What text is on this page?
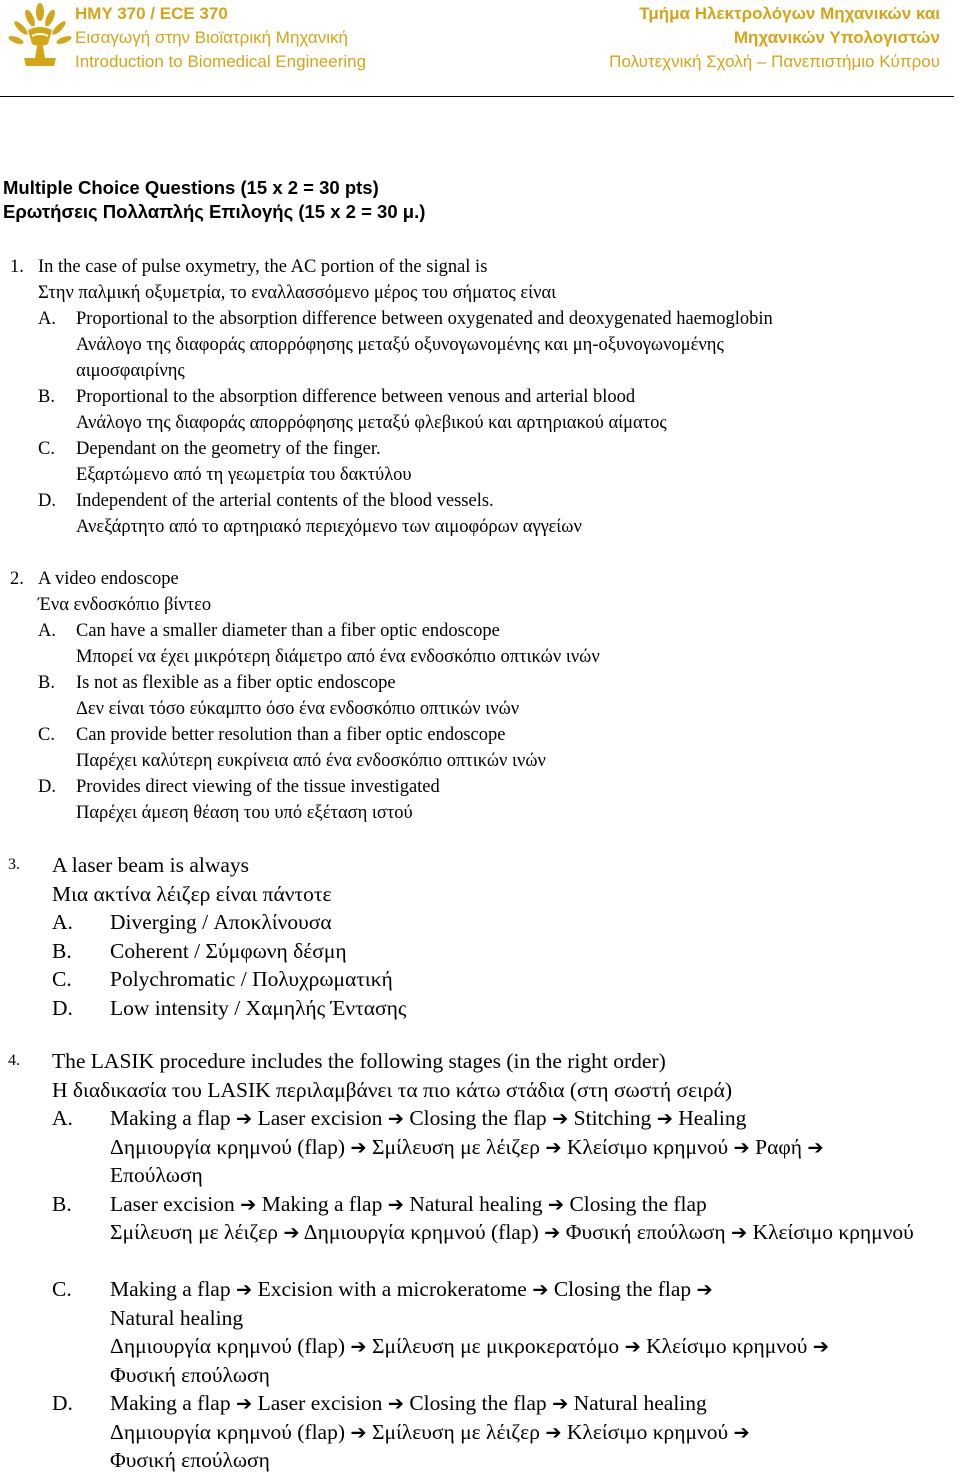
HMY 370 / ECE 370
Εισαγωγή στην Βιοϊατρική Μηχανική
Introduction to Biomedical Engineering
Τμήμα Ηλεκτρολόγων Μηχανικών και
Μηχανικών Υπολογιστών
Πολυτεχνική Σχολή – Πανεπιστήμιο Κύπρου
Multiple Choice Questions (15 x 2 = 30 pts)
Ερωτήσεις Πολλαπλής Επιλογής (15 x 2 = 30 μ.)
1. In the case of pulse oxymetry, the AC portion of the signal is
Στην παλμική οξυμετρία, το εναλλασσόμενο μέρος του σήματος είναι
A. Proportional to the absorption difference between oxygenated and deoxygenated haemoglobin
Ανάλογο της διαφοράς απορρόφησης μεταξύ οξυνογωνομένης και μη-οξυνογωνομένης
αιμοσφαιρίνης
B. Proportional to the absorption difference between venous and arterial blood
Ανάλογο της διαφοράς απορρόφησης μεταξύ φλεβικού και αρτηριακού αίματος
C. Dependant on the geometry of the finger.
Εξαρτώμενο από τη γεωμετρία του δακτύλου
D. Independent of the arterial contents of the blood vessels.
Ανεξάρτητο από το αρτηριακό περιεχόμενο των αιμοφόρων αγγείων
2. A video endoscope
Ένα ενδοσκόπιο βίντεο
A. Can have a smaller diameter than a fiber optic endoscope
Μπορεί να έχει μικρότερη διάμετρο από ένα ενδοσκόπιο οπτικών ινών
B. Is not as flexible as a fiber optic endoscope
Δεν είναι τόσο εύκαμπτο όσο ένα ενδοσκόπιο οπτικών ινών
C. Can provide better resolution than a fiber optic endoscope
Παρέχει καλύτερη ευκρίνεια από ένα ενδοσκόπιο οπτικών ινών
D. Provides direct viewing of the tissue investigated
Παρέχει άμεση θέαση του υπό εξέταση ιστού
3. A laser beam is always
Μια ακτίνα λέιζερ είναι πάντοτε
A. Diverging / Αποκλίνουσα
B. Coherent / Σύμφωνη δέσμη
C. Polychromatic / Πολυχρωματική
D. Low intensity / Χαμηλής Έντασης
4. The LASIK procedure includes the following stages (in the right order)
Η διαδικασία του LASIK περιλαμβάνει τα πιο κάτω στάδια (στη σωστή σειρά)
A. Making a flap ➔ Laser excision ➔ Closing the flap ➔ Stitching ➔ Healing
Δημιουργία κρημνού (flap) ➔ Σμίλευση με λέιζερ ➔ Κλείσιμο κρημνού ➔ Ραφή ➔
Επούλωση
B. Laser excision ➔ Making a flap ➔ Natural healing ➔ Closing the flap
Σμίλευση με λέιζερ ➔ Δημιουργία κρημνού (flap) ➔ Φυσική επούλωση ➔ Κλείσιμο κρημνού
C. Making a flap ➔ Excision with a microkeratome ➔ Closing the flap ➔
Natural healing
Δημιουργία κρημνού (flap) ➔ Σμίλευση με μικροκερατόμο ➔ Κλείσιμο κρημνού ➔
Φυσική επούλωση
D. Making a flap ➔ Laser excision ➔ Closing the flap ➔ Natural healing
Δημιουργία κρημνού (flap) ➔ Σμίλευση με λέιζερ ➔ Κλείσιμο κρημνού ➔
Φυσική επούλωση
